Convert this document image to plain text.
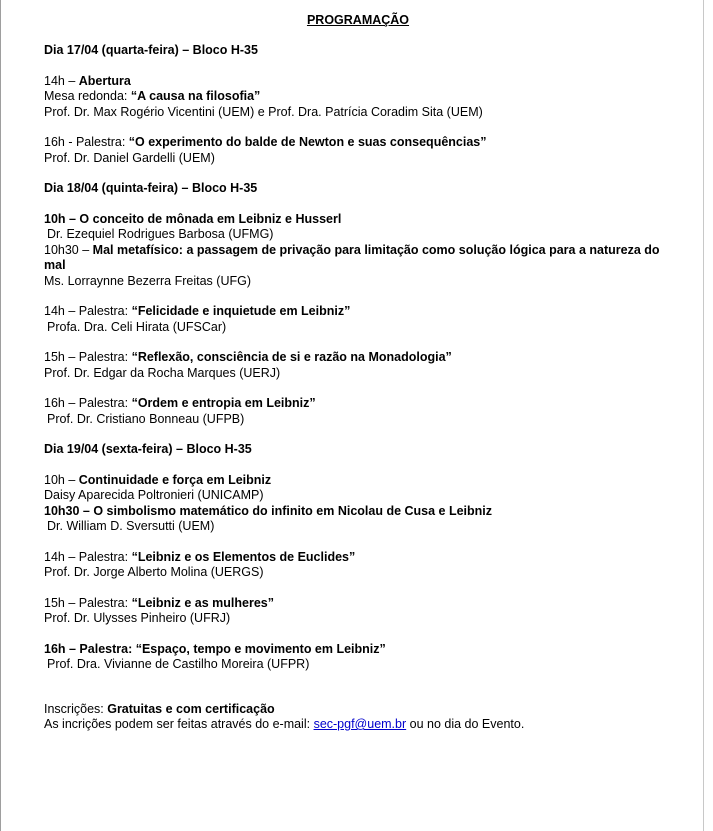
PROGRAMAÇÃO
Dia 17/04 (quarta-feira) – Bloco H-35
14h – Abertura
Mesa redonda: “A causa na filosofia”
Prof. Dr. Max Rogério Vicentini (UEM) e Prof. Dra. Patrícia Coradim Sita (UEM)
16h - Palestra: “O experimento do balde de Newton e suas consequências”
Prof. Dr. Daniel Gardelli (UEM)
Dia 18/04 (quinta-feira) – Bloco H-35
10h – O conceito de mônada em Leibniz e Husserl
Dr. Ezequiel Rodrigues Barbosa (UFMG)
10h30 – Mal metafísico: a passagem de privação para limitação como solução lógica para a natureza do mal
Ms. Lorraynne Bezerra Freitas (UFG)
14h – Palestra: “Felicidade e inquietude em Leibniz”
Profa. Dra. Celi Hirata (UFSCar)
15h – Palestra: “Reflexão, consciência de si e razão na Monadologia”
Prof. Dr. Edgar da Rocha Marques (UERJ)
16h – Palestra: “Ordem e entropia em Leibniz”
Prof. Dr. Cristiano Bonneau (UFPB)
Dia 19/04 (sexta-feira) – Bloco H-35
10h – Continuidade e força em Leibniz
Daisy Aparecida Poltronieri (UNICAMP)
10h30 – O simbolismo matemático do infinito em Nicolau de Cusa e Leibniz
Dr. William D. Sversutti (UEM)
14h – Palestra: “Leibniz e os Elementos de Euclides”
Prof. Dr. Jorge Alberto Molina (UERGS)
15h – Palestra: “Leibniz e as mulheres”
Prof. Dr. Ulysses Pinheiro (UFRJ)
16h – Palestra: “Espaço, tempo e movimento em Leibniz”
Prof. Dra. Vivianne de Castilho Moreira (UFPR)
Inscrições: Gratuitas e com certificação
As incrições podem ser feitas através do e-mail: sec-pgf@uem.br ou no dia do Evento.
